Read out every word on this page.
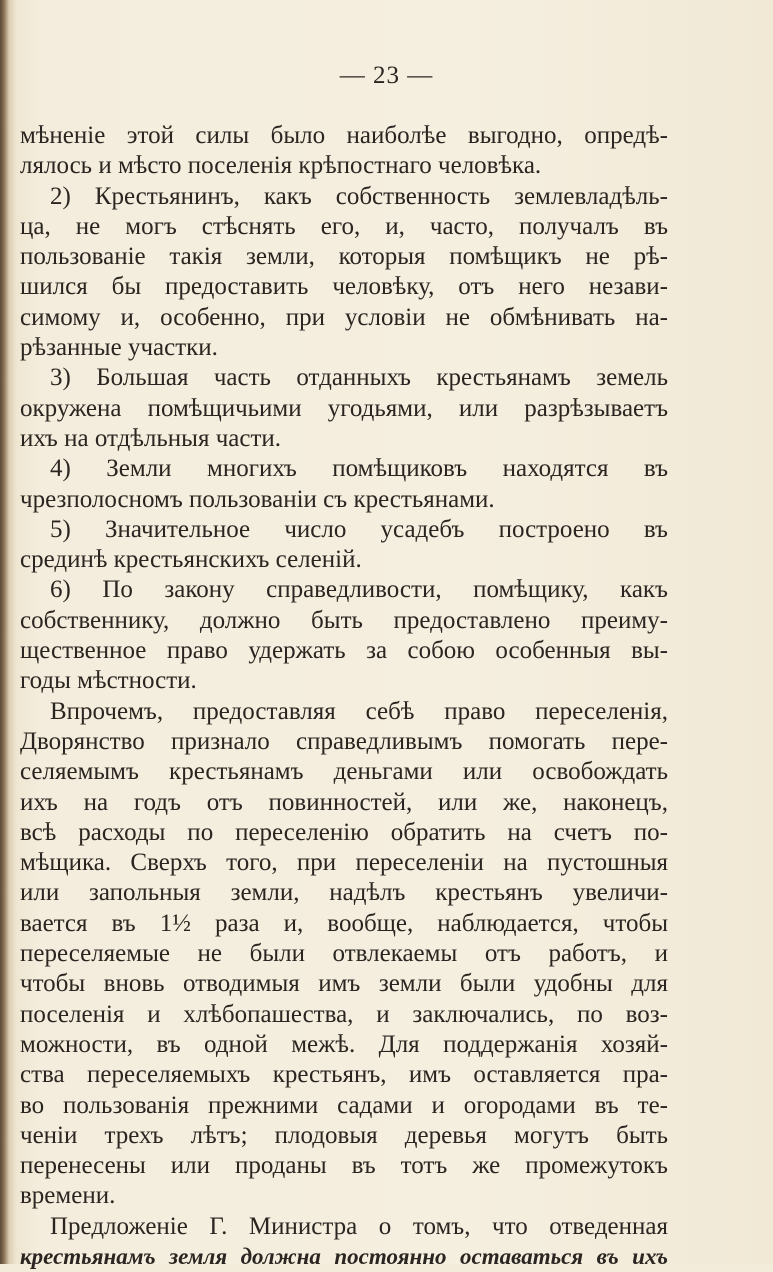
— 23 —
мѣненіе этой силы было наиболѣе выгодно, опредѣ-
лялось и мѣсто поселенія крѣпостнаго человѣка.
2) Крестьянинъ, какъ собственность землевладѣль-
ца, не могъ стѣснять его, и, часто, получалъ въ
пользованіе такія земли, которыя помѣщикъ не рѣ-
шился бы предоставить человѣку, отъ него незави-
симому и, особенно, при условіи не обмѣнивать на-
рѣзанные участки.
3) Большая часть отданныхъ крестьянамъ земель
окружена помѣщичьими угодьями, или разрѣзываетъ
ихъ на отдѣльныя части.
4) Земли многихъ помѣщиковъ находятся въ
чрезполосномъ пользованіи съ крестьянами.
5) Значительное число усадебъ построено въ
срединѣ крестьянскихъ селеній.
6) По закону справедливости, помѣщику, какъ
собственнику, должно быть предоставлено преиму-
щественное право удержать за собою особенныя вы-
годы мѣстности.
Впрочемъ, предоставляя себѣ право переселенія,
Дворянство признало справедливымъ помогать пере-
селяемымъ крестьянамъ деньгами или освобождать
ихъ на годъ отъ повинностей, или же, наконецъ,
всѣ расходы по переселенію обратить на счетъ по-
мѣщика. Сверхъ того, при переселеніи на пустошныя
или запольныя земли, надѣлъ крестьянъ увеличи-
вается въ 1½ раза и, вообще, наблюдается, чтобы
переселяемые не были отвлекаемы отъ работъ, и
чтобы вновь отводимыя имъ земли были удобны для
поселенія и хлѣбопашества, и заключались, по воз-
можности, въ одной межѣ. Для поддержанія хозяй-
ства переселяемыхъ крестьянъ, имъ оставляется пра-
во пользованія прежними садами и огородами въ те-
ченіи трехъ лѣтъ; плодовыя деревья могутъ быть
перенесены или проданы въ тотъ же промежутокъ
времени.
Предложеніе Г. Министра о томъ, что отведенная
крестьянамъ земля должна постоянно оставаться въ ихъ
